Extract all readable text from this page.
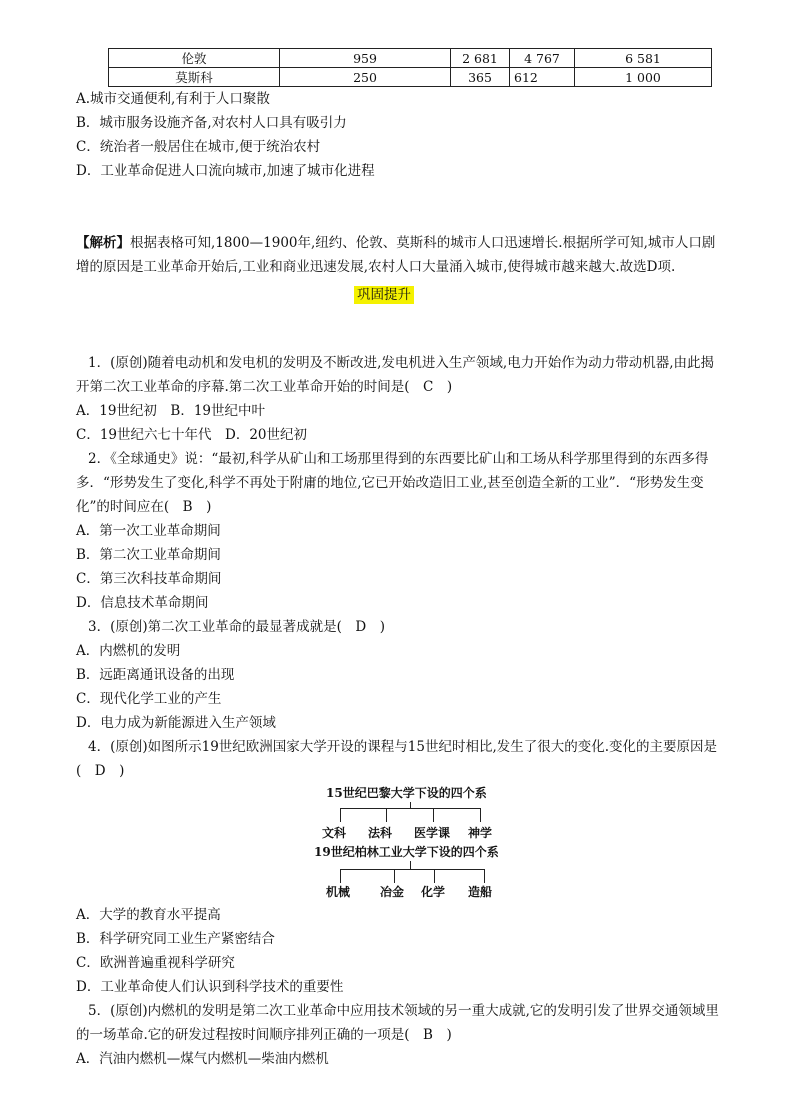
伦敦	959	2 681	4 767	6 581
莫斯科	250	365	612	1 000
A.城市交通便利,有利于人口聚散
B．城市服务设施齐备,对农村人口具有吸引力
C．统治者一般居住在城市,便于统治农村
D．工业革命促进人口流向城市,加速了城市化进程
【解析】根据表格可知,1800—1900年,纽约、伦敦、莫斯科的城市人口迅速增长.根据所学可知,城市人口剧
增的原因是工业革命开始后,工业和商业迅速发展,农村人口大量涌入城市,使得城市越来越大.故选D项.
巩固提升
1．(原创)随着电动机和发电机的发明及不断改进,发电机进入生产领域,电力开始作为动力带动机器,由此揭
开第二次工业革命的序幕.第二次工业革命开始的时间是(　C　)
A．19世纪初　B．19世纪中叶
C．19世纪六七十年代　D．20世纪初
2．《全球通史》说：“最初,科学从矿山和工场那里得到的东西要比矿山和工场从科学那里得到的东西多得
多．“形势发生了变化,科学不再处于附庸的地位,它已开始改造旧工业,甚至创造全新的工业”．“形势发生变
化”的时间应在(　B　)
A．第一次工业革命期间
B．第二次工业革命期间
C．第三次科技革命期间
D．信息技术革命期间
3．(原创)第二次工业革命的最显著成就是(　D　)
A．内燃机的发明
B．远距离通讯设备的出现
C．现代化学工业的产生
D．电力成为新能源进入生产领域
4．(原创)如图所示19世纪欧洲国家大学开设的课程与15世纪时相比,发生了很大的变化.变化的主要原因是
(　D　)
15世纪巴黎大学下设的四个系
文科 法科 医学课 神学
19世纪柏林工业大学下设的四个系
机械 冶金 化学 造船
A．大学的教育水平提高
B．科学研究同工业生产紧密结合
C．欧洲普遍重视科学研究
D．工业革命使人们认识到科学技术的重要性
5．(原创)内燃机的发明是第二次工业革命中应用技术领域的另一重大成就,它的发明引发了世界交通领域里
的一场革命.它的研发过程按时间顺序排列正确的一项是(　B　)
A．汽油内燃机—煤气内燃机—柴油内燃机
